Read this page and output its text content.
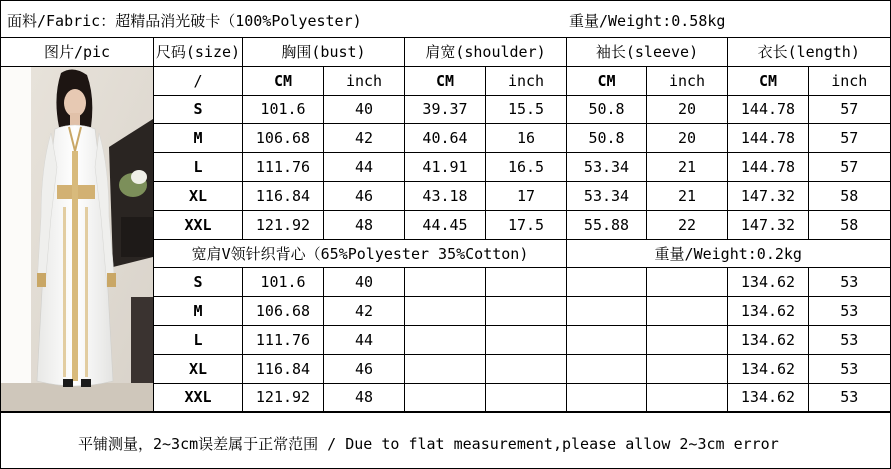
面料/Fabric：超精品消光破卡（100%Polyester)	重量/Weight:0.58kg
图片/pic	尺码(size)	胸围(bust)		肩宽(shoulder)		袖长(sleeve)		衣长(length)	

	/	CM	inch	CM	inch	CM	inch	CM	inch
	S	101.6	40	39.37	15.5	50.8	20	144.78	57
	M	106.68	42	40.64	16	50.8	20	144.78	57
	L	111.76	44	41.91	16.5	53.34	21	144.78	57
	XL	116.84	46	43.18	17	53.34	21	147.32	58
	XXL	121.92	48	44.45	17.5	55.88	22	147.32	58
	宽肩V领针织背心（65%Polyester 35%Cotton)					重量/Weight:0.2kg			
	S	101.6	40					134.62	53
	M	106.68	42					134.62	53
	L	111.76	44					134.62	53
	XL	116.84	46					134.62	53
	XXL	121.92	48					134.62	53
平铺测量，2~3cm误差属于正常范围 / Due to flat measurement,please allow 2~3cm error
